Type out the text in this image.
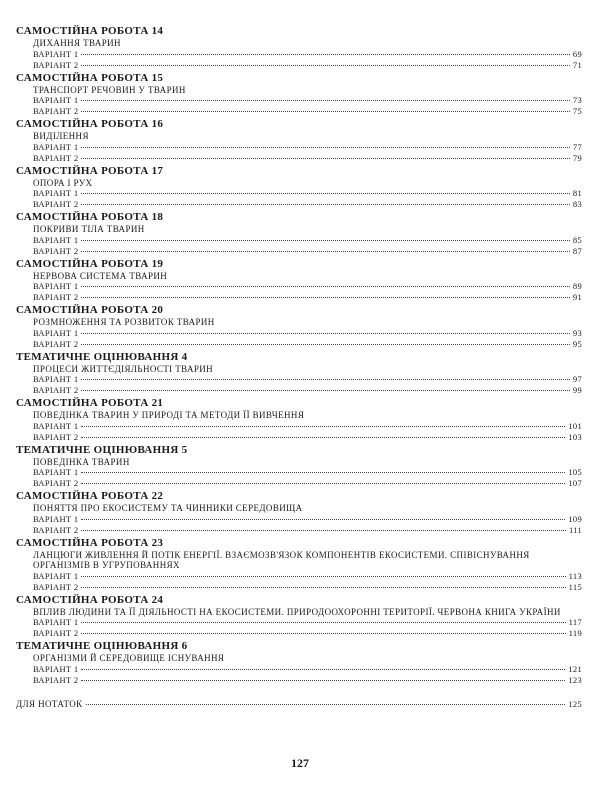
САМОСТІЙНА РОБОТА 14
ДИХАННЯ ТВАРИН
ВАРІАНТ 1	69
ВАРІАНТ 2	71
САМОСТІЙНА РОБОТА 15
ТРАНСПОРТ РЕЧОВИН У ТВАРИН
ВАРІАНТ 1	73
ВАРІАНТ 2	75
САМОСТІЙНА РОБОТА 16
ВИДІЛЕННЯ
ВАРІАНТ 1	77
ВАРІАНТ 2	79
САМОСТІЙНА РОБОТА 17
ОПОРА І РУХ
ВАРІАНТ 1	81
ВАРІАНТ 2	83
САМОСТІЙНА РОБОТА 18
ПОКРИВИ ТІЛА ТВАРИН
ВАРІАНТ 1	85
ВАРІАНТ 2	87
САМОСТІЙНА РОБОТА 19
НЕРВОВА СИСТЕМА ТВАРИН
ВАРІАНТ 1	89
ВАРІАНТ 2	91
САМОСТІЙНА РОБОТА 20
РОЗМНОЖЕННЯ ТА РОЗВИТОК ТВАРИН
ВАРІАНТ 1	93
ВАРІАНТ 2	95
ТЕМАТИЧНЕ ОЦІНЮВАННЯ 4
ПРОЦЕСИ ЖИТТЄДІЯЛЬНОСТІ ТВАРИН
ВАРІАНТ 1	97
ВАРІАНТ 2	99
САМОСТІЙНА РОБОТА 21
ПОВЕДІНКА ТВАРИН У ПРИРОДІ ТА МЕТОДИ ЇЇ ВИВЧЕННЯ
ВАРІАНТ 1	101
ВАРІАНТ 2	103
ТЕМАТИЧНЕ ОЦІНЮВАННЯ 5
ПОВЕДІНКА ТВАРИН
ВАРІАНТ 1	105
ВАРІАНТ 2	107
САМОСТІЙНА РОБОТА 22
ПОНЯТТЯ ПРО ЕКОСИСТЕМУ ТА ЧИННИКИ СЕРЕДОВИЩА
ВАРІАНТ 1	109
ВАРІАНТ 2	111
САМОСТІЙНА РОБОТА 23
ЛАНЦЮГИ ЖИВЛЕННЯ Й ПОТІК ЕНЕРГІЇ. ВЗАЄМОЗВ'ЯЗОК КОМПОНЕНТІВ ЕКОСИСТЕМИ. СПІВІСНУВАННЯ ОРГАНІЗМІВ В УГРУПОВАННЯХ
ВАРІАНТ 1	113
ВАРІАНТ 2	115
САМОСТІЙНА РОБОТА 24
ВПЛИВ ЛЮДИНИ ТА ЇЇ ДІЯЛЬНОСТІ НА ЕКОСИСТЕМИ. ПРИРОДООХОРОННІ ТЕРИТОРІЇ. ЧЕРВОНА КНИГА УКРАЇНИ
ВАРІАНТ 1	117
ВАРІАНТ 2	119
ТЕМАТИЧНЕ ОЦІНЮВАННЯ 6
ОРГАНІЗМИ Й СЕРЕДОВИЩЕ ІСНУВАННЯ
ВАРІАНТ 1	121
ВАРІАНТ 2	123
ДЛЯ НОТАТОК	125
127
